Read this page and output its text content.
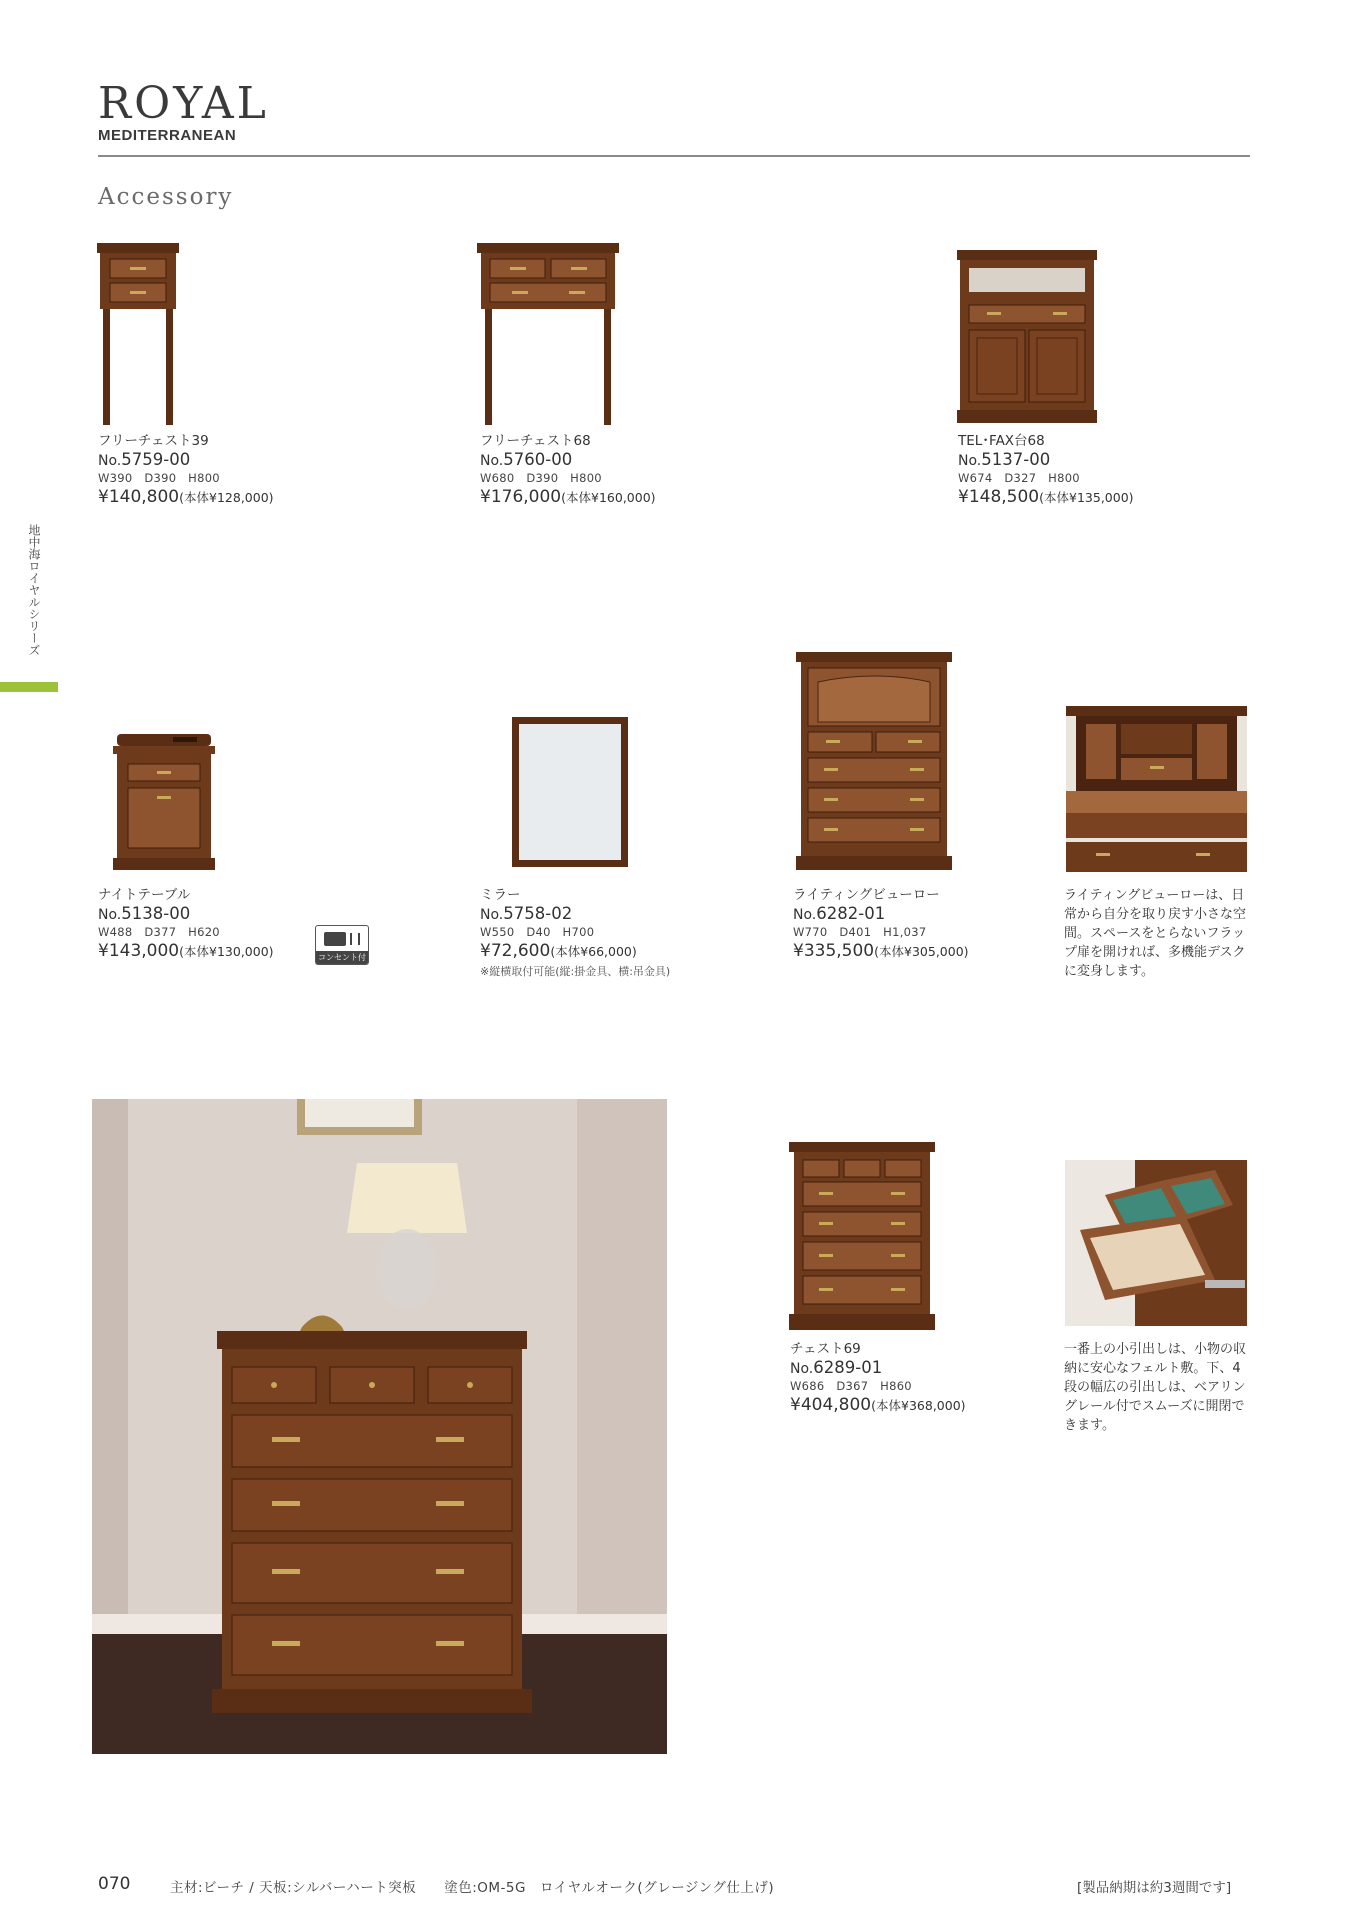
ROYAL
MEDITERRANEAN
Accessory
地中海ロイヤルシリーズ
フリーチェスト39
No.5759-00
W390　D390　H800
¥140,800(本体¥128,000)
フリーチェスト68
No.5760-00
W680　D390　H800
¥176,000(本体¥160,000)
TEL･FAX台68
No.5137-00
W674　D327　H800
¥148,500(本体¥135,000)
ナイトテーブル
No.5138-00
W488　D377　H620
¥143,000(本体¥130,000)	コンセント付
ミラー
No.5758-02
W550　D40　H700
¥72,600(本体¥66,000)
※縦横取付可能(縦:掛金具、横:吊金具)
ライティングビューロー
No.6282-01
W770　D401　H1,037
¥335,500(本体¥305,000)
ライティングビューローは、日常から自分を取り戻す小さな空間。スペースをとらないフラップ扉を開ければ、多機能デスクに変身します。
チェスト69
No.6289-01
W686　D367　H860
¥404,800(本体¥368,000)
一番上の小引出しは、小物の収納に安心なフェルト敷。下、4段の幅広の引出しは、ベアリングレール付でスムーズに開閉できます。
070	主材:ビーチ / 天板:シルバーハート突板　　塗色:OM-5G　ロイヤルオーク(グレージング仕上げ)	[製品納期は約3週間です]
